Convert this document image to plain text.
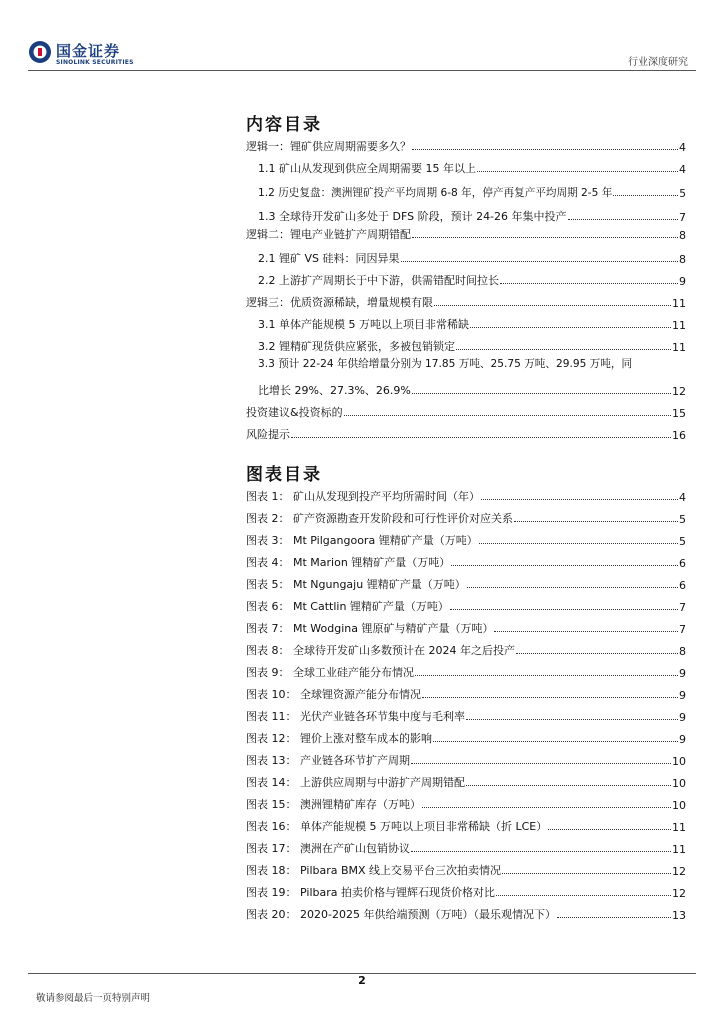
国金证券
SINOLINK SECURITIES	行业深度研究
内容目录
逻辑一：锂矿供应周期需要多久？	4
1.1 矿山从发现到供应全周期需要 15 年以上	4
1.2 历史复盘：澳洲锂矿投产平均周期 6-8 年，停产再复产平均周期 2-5 年	5
1.3 全球待开发矿山多处于 DFS 阶段，预计 24-26 年集中投产	7
逻辑二：锂电产业链扩产周期错配	8
2.1 锂矿 VS 硅料：同因异果	8
2.2 上游扩产周期长于中下游，供需错配时间拉长	9
逻辑三：优质资源稀缺，增量规模有限	11
3.1 单体产能规模 5 万吨以上项目非常稀缺	11
3.2 锂精矿现货供应紧张，多被包销锁定	11
3.3 预计 22-24 年供给增量分别为 17.85 万吨、25.75 万吨、29.95 万吨，同
比增长 29%、27.3%、26.9%	12
投资建议&投资标的	15
风险提示	16
图表目录
图表 1： 矿山从发现到投产平均所需时间（年）	4
图表 2： 矿产资源勘查开发阶段和可行性评价对应关系	5
图表 3： Mt Pilgangoora 锂精矿产量（万吨）	5
图表 4： Mt Marion 锂精矿产量（万吨）	6
图表 5： Mt Ngungaju 锂精矿产量（万吨）	6
图表 6： Mt Cattlin 锂精矿产量（万吨）	7
图表 7： Mt Wodgina 锂原矿与精矿产量（万吨）	7
图表 8： 全球待开发矿山多数预计在 2024 年之后投产	8
图表 9： 全球工业硅产能分布情况	9
图表 10： 全球锂资源产能分布情况	9
图表 11： 光伏产业链各环节集中度与毛利率	9
图表 12： 锂价上涨对整车成本的影响	9
图表 13： 产业链各环节扩产周期	10
图表 14： 上游供应周期与中游扩产周期错配	10
图表 15： 澳洲锂精矿库存（万吨）	10
图表 16： 单体产能规模 5 万吨以上项目非常稀缺（折 LCE）	11
图表 17： 澳洲在产矿山包销协议	11
图表 18： Pilbara BMX 线上交易平台三次拍卖情况	12
图表 19： Pilbara 拍卖价格与锂辉石现货价格对比	12
图表 20： 2020-2025 年供给端预测（万吨）（最乐观情况下）	13
2
敬请参阅最后一页特别声明
